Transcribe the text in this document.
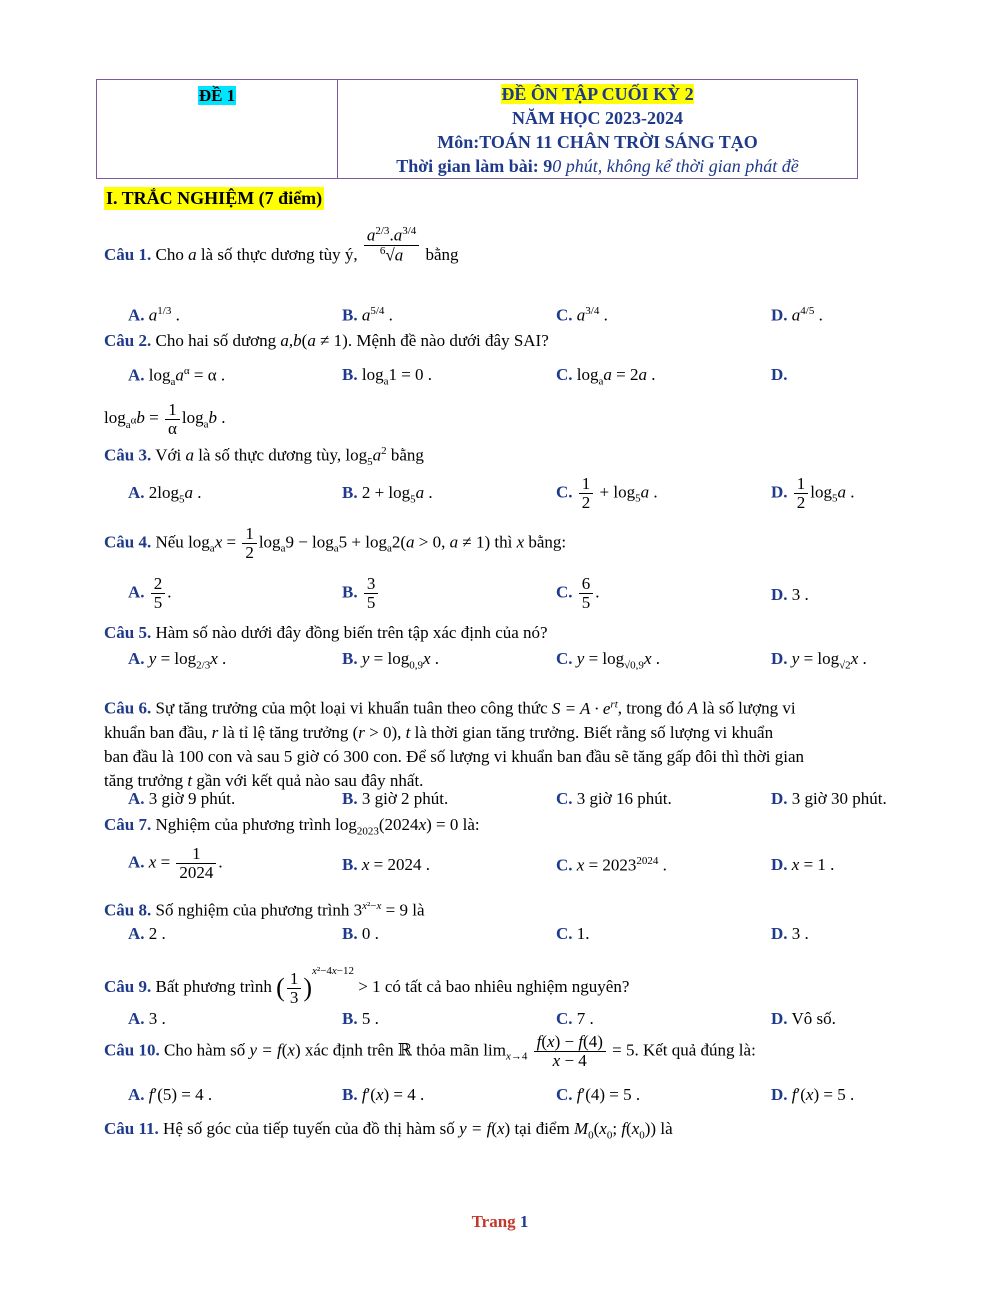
ĐỀ 1	ĐỀ ÔN TẬP CUỐI KỲ 2
NĂM HỌC 2023-2024
Môn:TOÁN 11 CHÂN TRỜI SÁNG TẠO
Thời gian làm bài: 90 phút, không kể thời gian phát đề
I. TRẮC NGHIỆM (7 điểm)
Câu 1. Cho a là số thực dương tùy ý, $\frac{a^{2/3}.a^{3/4}}{^6√a}$ bằng
A. $a^{1/3}$ .	B. $a^{5/4}$ .	C. $a^{3/4}$ .	D. $a^{4/5}$ .
Câu 2. Cho hai số dương a,b(a ≠ 1). Mệnh đề nào dưới đây SAI?
A. $\log_aa^\alpha = \alpha$ .	B. $\log_a1 = 0$ .	C. $\log_aa = 2a$ .	D.
$\log_{a^\alpha}b = \frac{1}{\alpha} \log_ab$ .
Câu 3. Với a là số thực dương tùy, $\log_5a^2$ bằng
A. $2\log_5a$ .	B. $2 + \log_5a$ .	C. $\frac{1}{2} + \log_5a$ .	D. $\frac{1}{2} \log_5a$ .
Câu 4. Nếu $\log_ax = \frac{1}{2} \log_a9 - \log_a5 + \log_a2(a > 0$, a ≠ 1) thì x bằng:
A. $\frac{2}{5}$ .	B. $\frac{3}{5}$	C. $\frac{6}{5}$ .	D. 3 .
Câu 5. Hàm số nào dưới đây đồng biến trên tập xác định của nó?
A. $y = \log_{2/3}x$ .	B. $y = \log_{0,9}x$ .	C. $y = \log_{√0,9}x$ .	D. $y = \log_{√2}x$ .
Câu 6. Sự tăng trưởng của một loại vi khuẩn tuân theo công thức $S = A \cdot e^{rt}$, trong đó A là số lượng vi
khuẩn ban đầu, r là tỉ lệ tăng trưởng (r > 0), t là thời gian tăng trưởng. Biết rằng số lượng vi khuẩn
ban đầu là 100 con và sau 5 giờ có 300 con. Để số lượng vi khuẩn ban đầu sẽ tăng gấp đôi thì thời gian
tăng trưởng t gần với kết quả nào sau đây nhất.
A. 3 giờ 9 phút.	B. 3 giờ 2 phút.	C. 3 giờ 16 phút.	D. 3 giờ 30 phút.
Câu 7. Nghiệm của phương trình $\log_{2023}(2024x) = 0$ là:
A. $x = \frac{1}{2024}$ .	B. x = 2024 .	C. $x = 2023^{2024}$ .	D. x = 1 .
Câu 8. Số nghiệm của phương trình $3^{x^2-x} = 9$ là
A. 2 .	B. 0 .	C. 1.	D. 3 .
Câu 9. Bất phương trình ( $\frac{1}{3} )^{x^2-4x-12} > 1$ có tất cả bao nhiêu nghiệm nguyên?
A. 3 .	B. 5 .	C. 7 .	D. Vô số.
Câu 10. Cho hàm số y = f(x) xác định trên ℝ thỏa mãn $\lim_{x\to 4} \frac{f(x) - f(4)}{x - 4} = 5$. Kết quả đúng là:
A. f′(5) = 4 .	B. f′(x) = 4 .	C. f′(4) = 5 .	D. f′(x) = 5 .
Câu 11. Hệ số góc của tiếp tuyến của đồ thị hàm số y = f(x) tại điểm $M_0(x_0$; $f(x_0)$) là
Trang 1
